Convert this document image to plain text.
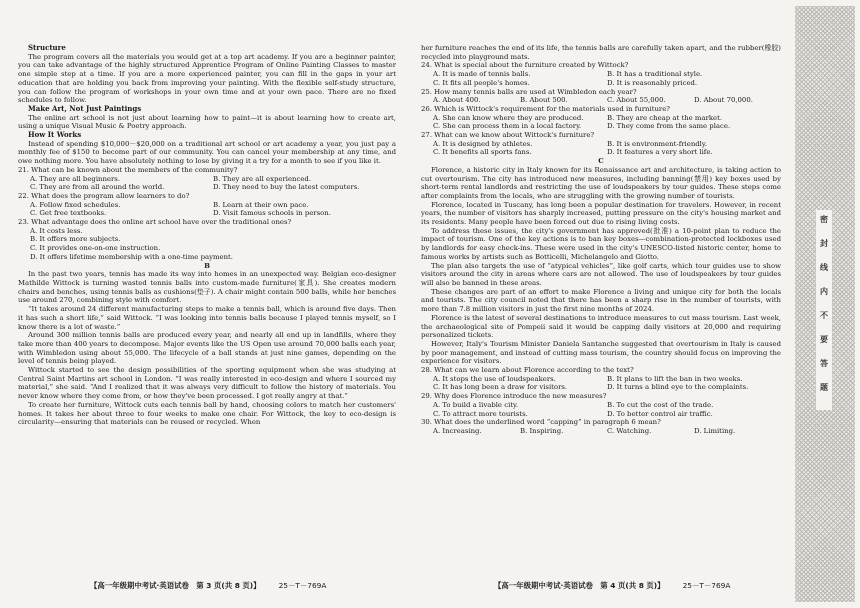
Structure

The program covers all the materials you would get at a top art academy. If you are a beginner painter, you can take advantage of the highly structured Apprentice Program of Online Painting Classes to master one simple step at a time. If you are a more experienced painter, you can fill in the gaps in your art education that are holding you back from improving your painting. With the flexible self-study structure, you can follow the program of workshops in your own time and at your own pace. There are no fixed schedules to follow.

Make Art, Not Just Paintings

The online art school is not just about learning how to paint—it is about learning how to create art, using a unique Visual Music & Poetry approach.

How It Works

Instead of spending $10,000－$20,000 on a traditional art school or art academy a year, you just pay a monthly fee of $150 to become part of our community. You can cancel your membership at any time, and owe nothing more. You have absolutely nothing to lose by giving it a try for a month to see if you like it.

21. What can be known about the members of the community?
A. They are all beginners.	B. They are all experienced.
C. They are from all around the world.	D. They need to buy the latest computers.
22. What does the program allow learners to do?
A. Follow fixed schedules.	B. Learn at their own pace.
C. Get free textbooks.	D. Visit famous schools in person.
23. What advantage does the online art school have over the traditional ones?
A. It costs less.
B. It offers more subjects.
C. It provides one-on-one instruction.
D. It offers lifetime membership with a one-time payment.
B

In the past two years, tennis has made its way into homes in an unexpected way. Belgian eco-designer Mathilde Wittock is turning wasted tennis balls into custom-made furniture(家具). She creates modern chairs and benches, using tennis balls as cushions(垫子). A chair might contain 500 balls, while her benches use around 270, combining style with comfort.

“It takes around 24 different manufacturing steps to make a tennis ball, which is around five days. Then it has such a short life,” said Wittock. “I was looking into tennis balls because I played tennis myself, so I know there is a lot of waste.”

Around 300 million tennis balls are produced every year, and nearly all end up in landfills, where they take more than 400 years to decompose. Major events like the US Open use around 70,000 balls each year, with Wimbledon using about 55,000. The lifecycle of a ball stands at just nine games, depending on the level of tennis being played.

Wittock started to see the design possibilities of the sporting equipment when she was studying at Central Saint Martins art school in London. “I was really interested in eco-design and where I sourced my material,” she said. “And I realized that it was always very difficult to follow the history of materials. You never know where they come from, or how they've been processed. I got really angry at that.”

To create her furniture, Wittock cuts each tennis ball by hand, choosing colors to match her customers' homes. It takes her about three to four weeks to make one chair. For Wittock, the key to eco-design is circularity—ensuring that materials can be reused or recycled. When

【高一年级期中考试·英语试卷　第 3 页(共 8 页)】 25－T－769A

her furniture reaches the end of its life, the tennis balls are carefully taken apart, and the rubber(橡胶) recycled into playground mats.

24. What is special about the furniture created by Wittock?
A. It is made of tennis balls.	B. It has a traditional style.
C. It fits all people's homes.	D. It is reasonably priced.
25. How many tennis balls are used at Wimbledon each year?
A. About 400.	B. About 500.	C. About 55,000.	D. About 70,000.
26. Which is Wittock's requirement for the materials used in furniture?
A. She can know where they are produced.	B. They are cheap at the market.
C. She can process them in a local factory.	D. They come from the same place.
27. What can we know about Wittock's furniture?
A. It is designed by athletes.	B. It is environment-friendly.
C. It benefits all sports fans.	D. It features a very short life.
C

Florence, a historic city in Italy known for its Renaissance art and architecture, is taking action to cut overtourism. The city has introduced new measures, including banning(禁用) key boxes used by short-term rental landlords and restricting the use of loudspeakers by tour guides. These steps come after complaints from the locals, who are struggling with the growing number of tourists.

Florence, located in Tuscany, has long been a popular destination for travelers. However, in recent years, the number of visitors has sharply increased, putting pressure on the city's housing market and its residents. Many people have been forced out due to rising living costs.

To address these issues, the city's government has approved(批准) a 10-point plan to reduce the impact of tourism. One of the key actions is to ban key boxes—combination-protected lockboxes used by landlords for easy check-ins. These were used in the city's UNESCO-listed historic center, home to famous works by artists such as Botticelli, Michelangelo and Giotto.

The plan also targets the use of “atypical vehicles”, like golf carts, which tour guides use to show visitors around the city in areas where cars are not allowed. The use of loudspeakers by tour guides will also be banned in these areas.

These changes are part of an effort to make Florence a living and unique city for both the locals and tourists. The city council noted that there has been a sharp rise in the number of tourists, with more than 7.8 million visitors in just the first nine months of 2024.

Florence is the latest of several destinations to introduce measures to cut mass tourism. Last week, the archaeological site of Pompeii said it would be capping daily visitors at 20,000 and requiring personalized tickets.

However, Italy's Tourism Minister Daniela Santanche suggested that overtourism in Italy is caused by poor management, and instead of cutting mass tourism, the country should focus on improving the experience for visitors.

28. What can we learn about Florence according to the text?
A. It stops the use of loudspeakers.	B. It plans to lift the ban in two weeks.
C. It has long been a draw for visitors.	D. It turns a blind eye to the complaints.
29. Why does Florence introduce the new measures?
A. To build a livable city.	B. To cut the cost of the trade.
C. To attract more tourists.	D. To better control air traffic.
30. What does the underlined word “capping” in paragraph 6 mean?
A. Increasing.	B. Inspiring.	C. Watching.	D. Limiting.
【高一年级期中考试·英语试卷　第 4 页(共 8 页)】 25－T－769A
密
封
线
内
不
要
答
题
